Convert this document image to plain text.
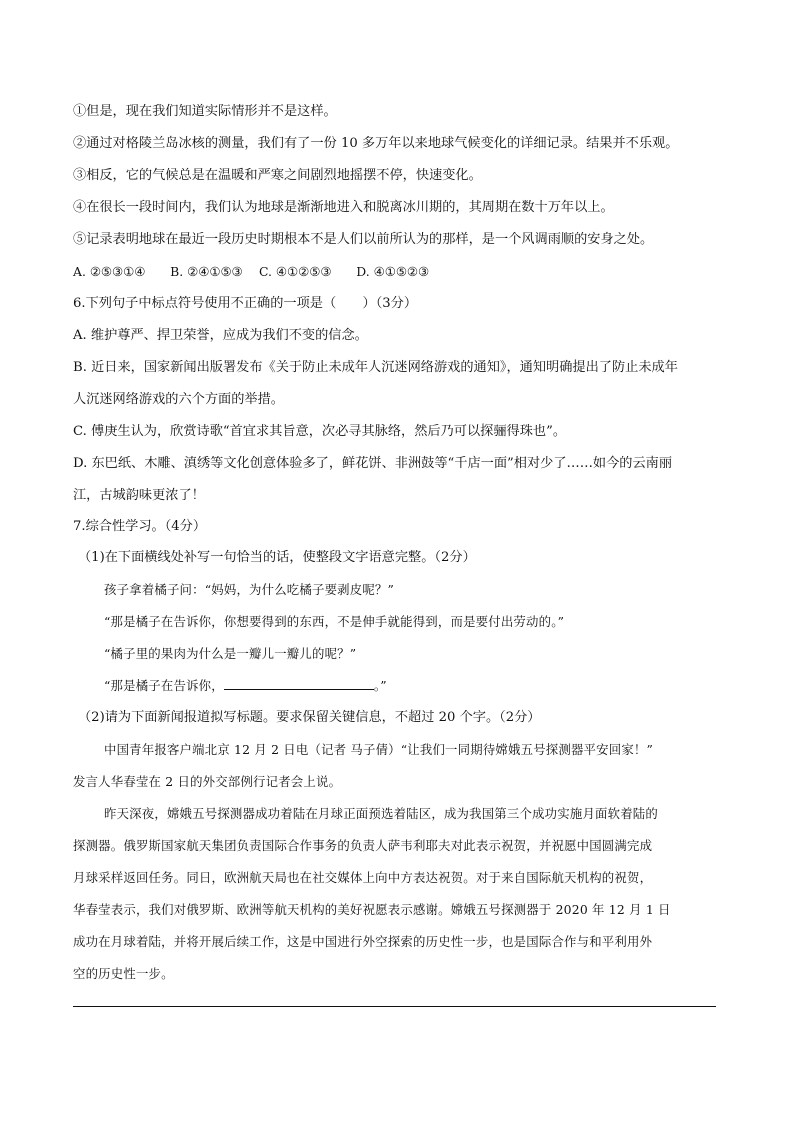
①但是，现在我们知道实际情形并不是这样。
②通过对格陵兰岛冰核的测量，我们有了一份 10 多万年以来地球气候变化的详细记录。结果并不乐观。
③相反，它的气候总是在温暖和严寒之间剧烈地摇摆不停，快速变化。
④在很长一段时间内，我们认为地球是渐渐地进入和脱离冰川期的，其周期在数十万年以上。
⑤记录表明地球在最近一段历史时期根本不是人们以前所认为的那样，是一个风调雨顺的安身之处。
A. ②⑤③①④　　B. ②④①⑤③　 C. ④①②⑤③　　D. ④①⑤②③
6.下列句子中标点符号使用不正确的一项是（　　）（3分）
A. 维护尊严、捍卫荣誉，应成为我们不变的信念。
B. 近日来，国家新闻出版署发布《关于防止未成年人沉迷网络游戏的通知》，通知明确提出了防止未成年
人沉迷网络游戏的六个方面的举措。
C. 傅庚生认为，欣赏诗歌“首宜求其旨意，次必寻其脉络，然后乃可以探骊得珠也”。
D. 东巴纸、木雕、滇绣等文化创意体验多了，鲜花饼、非洲鼓等“千店一面”相对少了……如今的云南丽
江，古城韵味更浓了！
7.综合性学习。（4分）
（1)在下面横线处补写一句恰当的话，使整段文字语意完整。（2分）
孩子拿着橘子问：“妈妈，为什么吃橘子要剥皮呢？”
“那是橘子在告诉你，你想要得到的东西，不是伸手就能得到，而是要付出劳动的。”
“橘子里的果肉为什么是一瓣儿一瓣儿的呢？”
“那是橘子在告诉你，	。”
（2)请为下面新闻报道拟写标题。要求保留关键信息，不超过 20 个字。（2分）
中国青年报客户端北京 12 月 2 日电（记者 马子倩）“让我们一同期待嫦娥五号探测器平安回家！”
发言人华春莹在 2 日的外交部例行记者会上说。
昨天深夜，嫦娥五号探测器成功着陆在月球正面预选着陆区，成为我国第三个成功实施月面软着陆的
探测器。俄罗斯国家航天集团负责国际合作事务的负责人萨韦利耶夫对此表示祝贺，并祝愿中国圆满完成
月球采样返回任务。同日，欧洲航天局也在社交媒体上向中方表达祝贺。对于来自国际航天机构的祝贺，
华春莹表示，我们对俄罗斯、欧洲等航天机构的美好祝愿表示感谢。嫦娥五号探测器于 2020 年 12 月 1 日
成功在月球着陆，并将开展后续工作，这是中国进行外空探索的历史性一步，也是国际合作与和平利用外
空的历史性一步。
